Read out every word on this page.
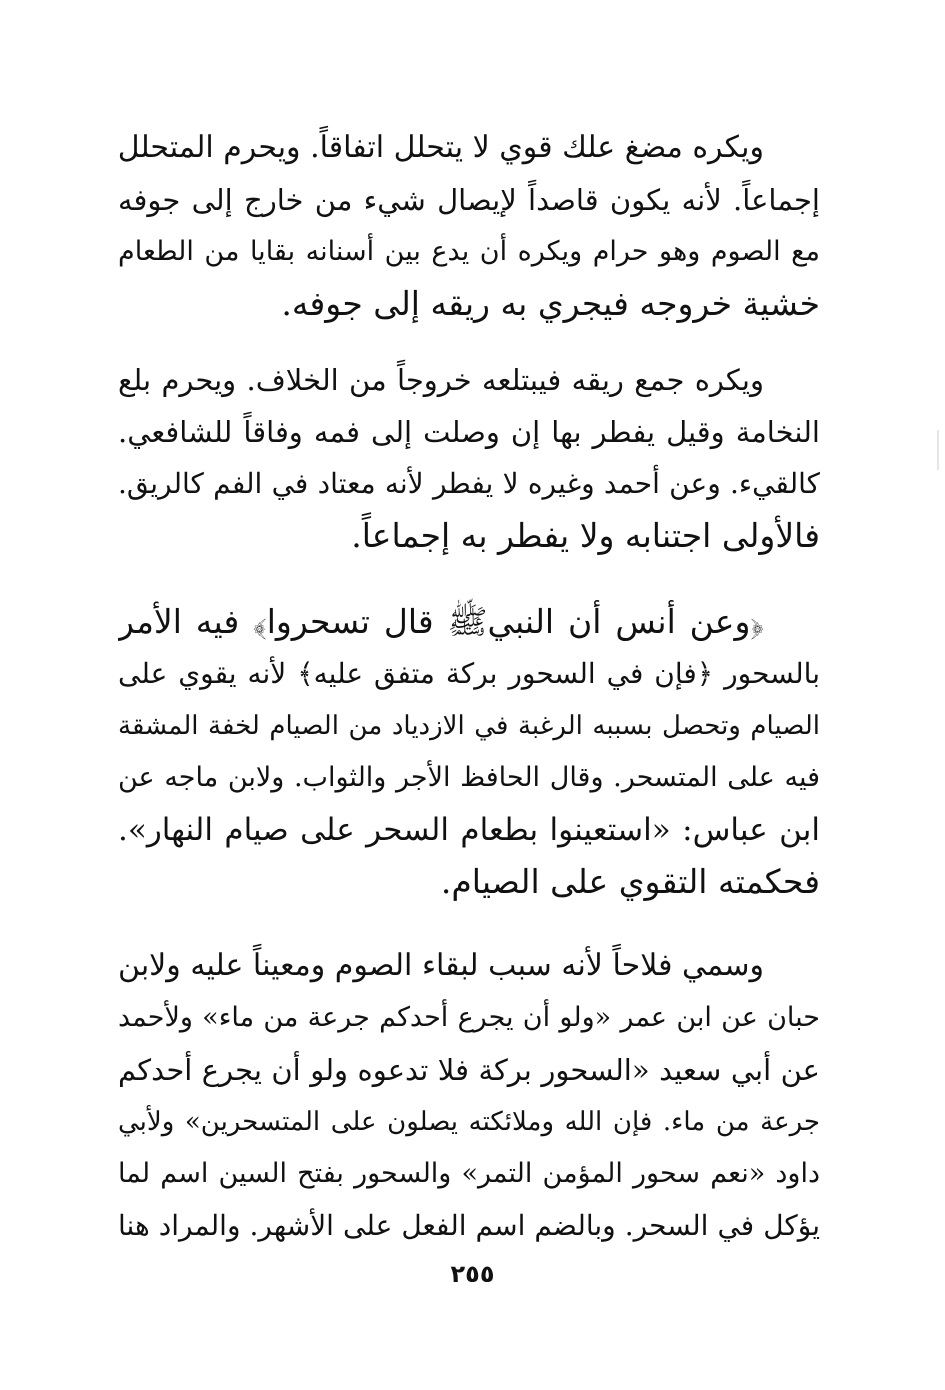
ويكره مضغ علك قوي لا يتحلل اتفاقاً. ويحرم المتحلل
إجماعاً. لأنه يكون قاصداً لإيصال شيء من خارج إلى جوفه
مع الصوم وهو حرام ويكره أن يدع بين أسنانه بقايا من الطعام
خشية خروجه فيجري به ريقه إلى جوفه.
ويكره جمع ريقه فيبتلعه خروجاً من الخلاف. ويحرم بلع
النخامة وقيل يفطر بها إن وصلت إلى فمه وفاقاً للشافعي.
كالقيء. وعن أحمد وغيره لا يفطر لأنه معتاد في الفم كالريق.
فالأولى اجتنابه ولا يفطر به إجماعاً.
﴿وعن أنس أن النبيﷺ قال تسحروا﴾ فيه الأمر
بالسحور ﴿فإن في السحور بركة متفق عليه﴾ لأنه يقوي على
الصيام وتحصل بسببه الرغبة في الازدياد من الصيام لخفة المشقة
فيه على المتسحر. وقال الحافظ الأجر والثواب. ولابن ماجه عن
ابن عباس: «استعينوا بطعام السحر على صيام النهار».
فحكمته التقوي على الصيام.
وسمي فلاحاً لأنه سبب لبقاء الصوم ومعيناً عليه ولابن
حبان عن ابن عمر «ولو أن يجرع أحدكم جرعة من ماء» ولأحمد
عن أبي سعيد «السحور بركة فلا تدعوه ولو أن يجرع أحدكم
جرعة من ماء. فإن الله وملائكته يصلون على المتسحرين» ولأبي
داود «نعم سحور المؤمن التمر» والسحور بفتح السين اسم لما
يؤكل في السحر. وبالضم اسم الفعل على الأشهر. والمراد هنا
٢٥٥
